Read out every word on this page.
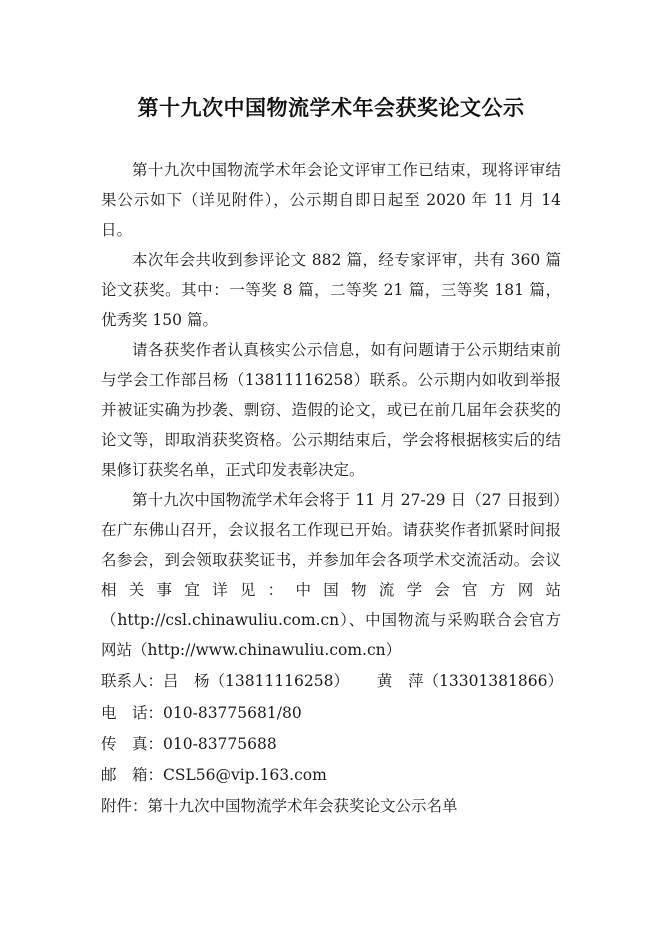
第十九次中国物流学术年会获奖论文公示

第十九次中国物流学术年会论文评审工作已结束，现将评审结果公示如下（详见附件），公示期自即日起至 2020 年 11 月 14 日。

本次年会共收到参评论文 882 篇，经专家评审，共有 360 篇论文获奖。其中：一等奖 8 篇，二等奖 21 篇，三等奖 181 篇，优秀奖 150 篇。

请各获奖作者认真核实公示信息，如有问题请于公示期结束前与学会工作部吕杨（13811116258）联系。公示期内如收到举报并被证实确为抄袭、剽窃、造假的论文，或已在前几届年会获奖的论文等，即取消获奖资格。公示期结束后，学会将根据核实后的结果修订获奖名单，正式印发表彰决定。

第十九次中国物流学术年会将于 11 月 27-29 日（27 日报到）在广东佛山召开，会议报名工作现已开始。请获奖作者抓紧时间报名参会，到会领取获奖证书，并参加年会各项学术交流活动。会议相关事宜详见：中国物流学会官方网站（http://csl.chinawuliu.com.cn）、中国物流与采购联合会官方网站（http://www.chinawuliu.com.cn）

联系人：吕　杨（13811116258） 黄　萍（13301381866）
电　话：010-83775681/80
传　真：010-83775688
邮　箱：CSL56@vip.163.com
附件：第十九次中国物流学术年会获奖论文公示名单
